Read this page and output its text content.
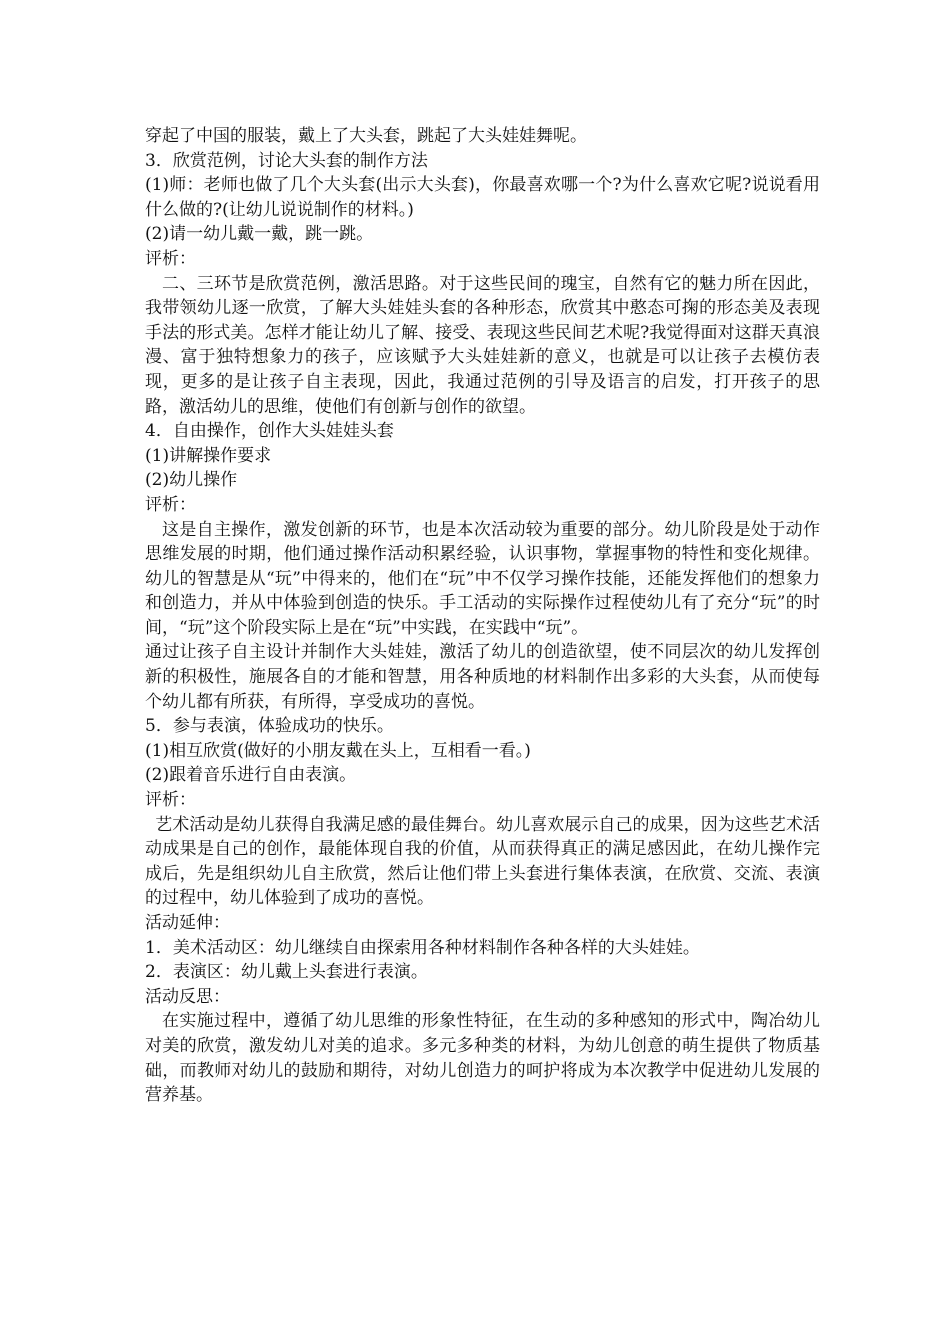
穿起了中国的服装，戴上了大头套，跳起了大头娃娃舞呢。

3．欣赏范例，讨论大头套的制作方法

(1)师：老师也做了几个大头套(出示大头套)，你最喜欢哪一个?为什么喜欢它呢?说说看用什么做的?(让幼儿说说制作的材料。)

(2)请一幼儿戴一戴，跳一跳。

评析：

二、三环节是欣赏范例，激活思路。对于这些民间的瑰宝，自然有它的魅力所在因此，我带领幼儿逐一欣赏，了解大头娃娃头套的各种形态，欣赏其中憨态可掬的形态美及表现手法的形式美。怎样才能让幼儿了解、接受、表现这些民间艺术呢?我觉得面对这群天真浪漫、富于独特想象力的孩子，应该赋予大头娃娃新的意义，也就是可以让孩子去模仿表现，更多的是让孩子自主表现，因此，我通过范例的引导及语言的启发，打开孩子的思路，激活幼儿的思维，使他们有创新与创作的欲望。

4．自由操作，创作大头娃娃头套

(1)讲解操作要求

(2)幼儿操作

评析：

这是自主操作，激发创新的环节，也是本次活动较为重要的部分。幼儿阶段是处于动作思维发展的时期，他们通过操作活动积累经验，认识事物，掌握事物的特性和变化规律。幼儿的智慧是从“玩”中得来的，他们在“玩”中不仅学习操作技能，还能发挥他们的想象力和创造力，并从中体验到创造的快乐。手工活动的实际操作过程使幼儿有了充分“玩”的时间，“玩”这个阶段实际上是在“玩”中实践，在实践中“玩”。

通过让孩子自主设计并制作大头娃娃，激活了幼儿的创造欲望，使不同层次的幼儿发挥创新的积极性，施展各自的才能和智慧，用各种质地的材料制作出多彩的大头套，从而使每个幼儿都有所获，有所得，享受成功的喜悦。

5．参与表演，体验成功的快乐。

(1)相互欣赏(做好的小朋友戴在头上，互相看一看。)

(2)跟着音乐进行自由表演。

评析：

艺术活动是幼儿获得自我满足感的最佳舞台。幼儿喜欢展示自己的成果，因为这些艺术活动成果是自己的创作，最能体现自我的价值，从而获得真正的满足感因此，在幼儿操作完成后，先是组织幼儿自主欣赏，然后让他们带上头套进行集体表演，在欣赏、交流、表演的过程中，幼儿体验到了成功的喜悦。

活动延伸：

1．美术活动区：幼儿继续自由探索用各种材料制作各种各样的大头娃娃。

2．表演区：幼儿戴上头套进行表演。

活动反思：

在实施过程中，遵循了幼儿思维的形象性特征，在生动的多种感知的形式中，陶冶幼儿对美的欣赏，激发幼儿对美的追求。多元多种类的材料，为幼儿创意的萌生提供了物质基础，而教师对幼儿的鼓励和期待，对幼儿创造力的呵护将成为本次教学中促进幼儿发展的营养基。
